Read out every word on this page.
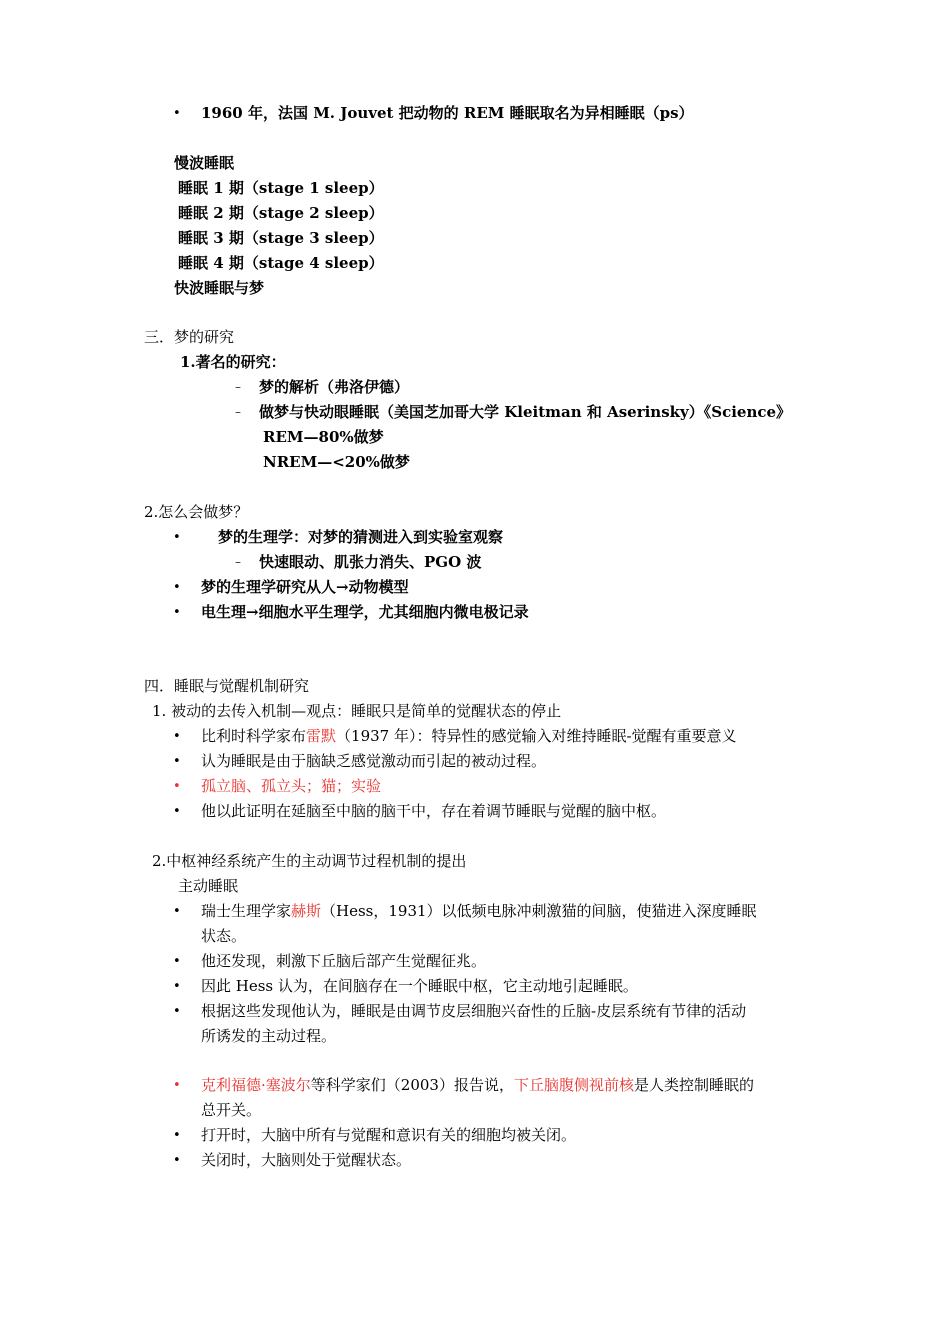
• 1960 年，法国 M. Jouvet 把动物的 REM 睡眠取名为异相睡眠（ps）
慢波睡眠
睡眠 1 期（stage 1 sleep）
睡眠 2 期（stage 2 sleep）
睡眠 3 期（stage 3 sleep）
睡眠 4 期（stage 4 sleep）
快波睡眠与梦
三．梦的研究
1.著名的研究：
– 梦的解析（弗洛伊德）
– 做梦与快动眼睡眠（美国芝加哥大学 Kleitman 和 Aserinsky）《Science》
REM—80%做梦
NREM—<20%做梦
2.怎么会做梦？
• 梦的生理学：对梦的猜测进入到实验室观察
– 快速眼动、肌张力消失、PGO 波
• 梦的生理学研究从人→动物模型
• 电生理→细胞水平生理学，尤其细胞内微电极记录
四．睡眠与觉醒机制研究
1. 被动的去传入机制—观点：睡眠只是简单的觉醒状态的停止
• 比利时科学家布雷默（1937 年）：特异性的感觉输入对维持睡眠-觉醒有重要意义
• 认为睡眠是由于脑缺乏感觉激动而引起的被动过程。
• 孤立脑、孤立头；猫；实验
• 他以此证明在延脑至中脑的脑干中，存在着调节睡眠与觉醒的脑中枢。
2.中枢神经系统产生的主动调节过程机制的提出
主动睡眠
• 瑞士生理学家赫斯（Hess，1931）以低频电脉冲刺激猫的间脑，使猫进入深度睡眠
状态。
• 他还发现，刺激下丘脑后部产生觉醒征兆。
• 因此 Hess 认为，在间脑存在一个睡眠中枢，它主动地引起睡眠。
• 根据这些发现他认为，睡眠是由调节皮层细胞兴奋性的丘脑-皮层系统有节律的活动
所诱发的主动过程。
• 克利福德·塞波尔等科学家们（2003）报告说，下丘脑腹侧视前核是人类控制睡眠的
总开关。
• 打开时，大脑中所有与觉醒和意识有关的细胞均被关闭。
• 关闭时，大脑则处于觉醒状态。
